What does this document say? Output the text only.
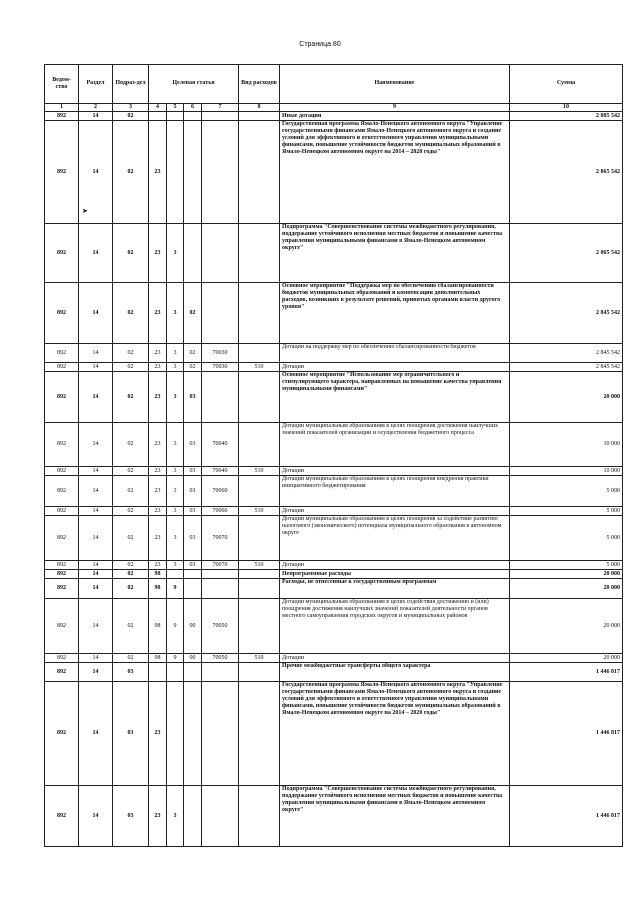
Страница 80
Ведом-ство	Раздел	Подраз-дел	Целевая статья				Вид расходов	Наименование	Сумма
1	2	3	4	5	6	7	8	9	10
892	14	02						Иные дотации	2 885 542
892	14	02	23					Государственная программа Ямало-Ненецкого автономного округа "Управление государственными финансами Ямало-Ненецкого автономного округа и создание условий для эффективного и ответственного управления муниципальными финансами, повышение устойчивости бюджетов муниципальных образований в Ямало-Ненецком автономном округе на 2014 – 2020 годы"	2 865 542
892	14	02	23	3				Подпрограмма "Совершенствование системы межбюджетного регулирования, поддержание устойчивого исполнения местных бюджетов и повышение качества управления муниципальными финансами в Ямало-Ненецком автономном округе"	2 865 542
892	14	02	23	3	02			Основное мероприятие "Поддержка мер по обеспечению сбалансированности бюджетов муниципальных образований и компенсации дополнительных расходов, возникших в результате решений, принятых органами власти другого уровня"	2 845 542
892	14	02	23	3	02	70030		Дотации на поддержку мер по обеспечению сбалансированности бюджетов	2 845 542
892	14	02	23	3	02	70030	510	Дотации	2 845 542
892	14	02	23	3	03			Основное мероприятие "Использование мер ограничительного и стимулирующего характера, направленных на повышение качества управления муниципальными финансами"	20 000
892	14	02	23	3	03	70040		Дотации муниципальным образованиям в целях поощрения достижения наилучших значений показателей организации и осуществления бюджетного процесса	10 000
892	14	02	23	3	03	70040	510	Дотации	10 000
892	14	02	23	3	03	70060		Дотации муниципальным образованиям в целях поощрения внедрения практики инициативного бюджетирования	5 000
892	14	02	23	3	03	70060	510	Дотации	5 000
892	14	02	23	3	03	70070		Дотации муниципальным образованиям в целях поощрения за содействие развитию налогового (экономического) потенциала муниципального образования в автономном округе	5 000
892	14	02	23	3	03	70070	510	Дотации	5 000
892	14	02	98					Непрограммные расходы	20 000
892	14	02	98	9				Расходы, не отнесенные к государственным программам	20 000
892	14	02	98	9	00	70050		Дотации муниципальным образованиям в целях содействия достижению и (или) поощрения достижения наилучших значений показателей деятельности органов местного самоуправления городских округов и муниципальных районов	20 000
892	14	02	98	9	00	70050	510	Дотации	20 000
892	14	03						Прочие межбюджетные трансферты общего характера	1 446 817
892	14	03	23					Государственная программа Ямало-Ненецкого автономного округа "Управление государственными финансами Ямало-Ненецкого автономного округа и создание условий для эффективного и ответственного управления муниципальными финансами, повышение устойчивости бюджетов муниципальных образований в Ямало-Ненецком автономном округе на 2014 – 2020 годы"	1 446 817
892	14	03	23	3				Подпрограмма "Совершенствование системы межбюджетного регулирования, поддержание устойчивого исполнения местных бюджетов и повышение качества управления муниципальными финансами в Ямало-Ненецком автономном округе"	1 446 817
➤
